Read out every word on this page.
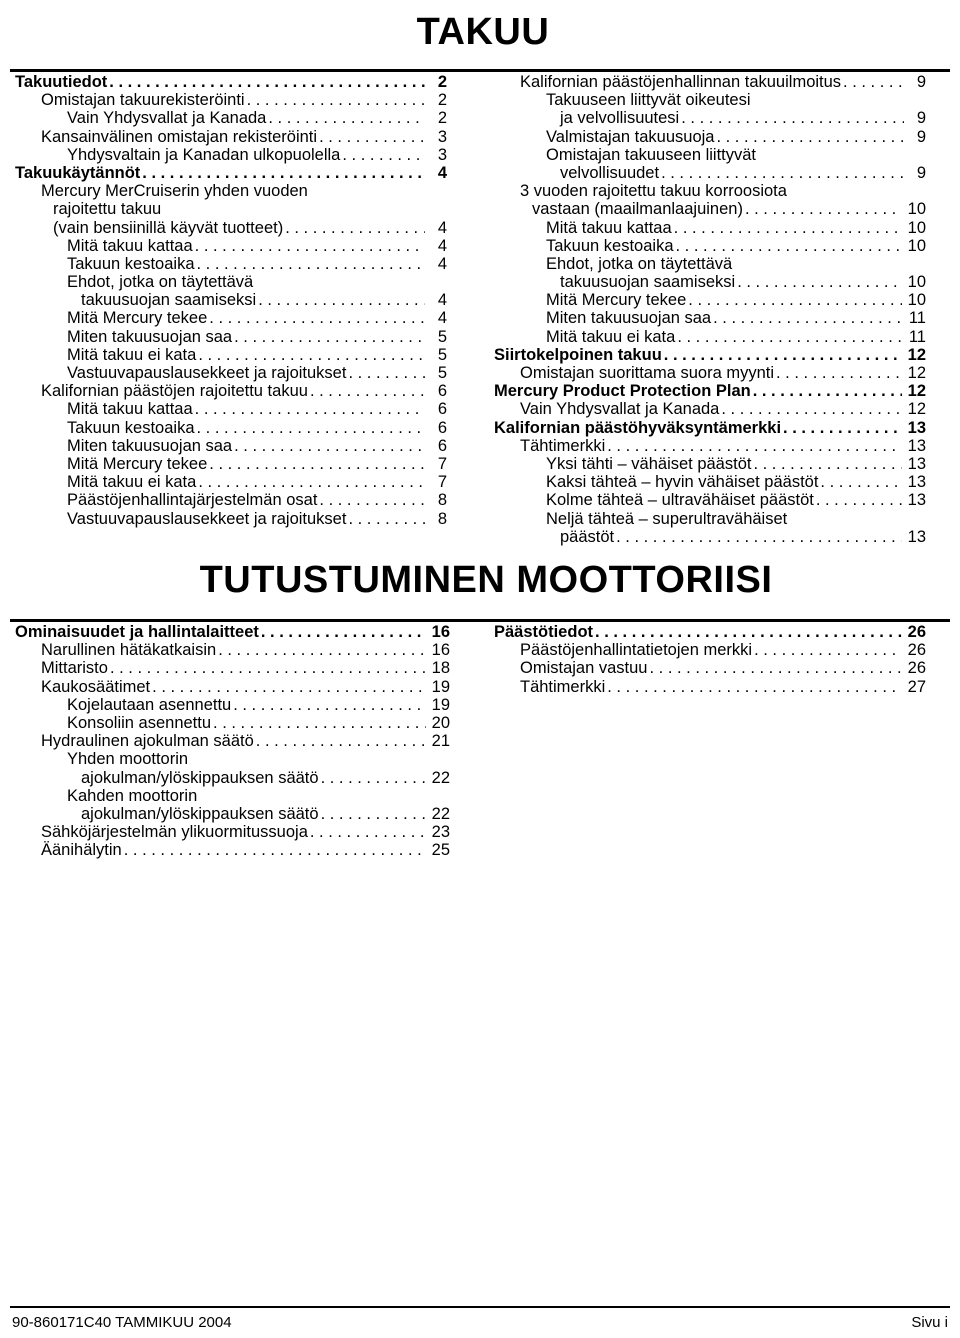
TAKUU
Takuutiedot . . .	2
Omistajan takuurekisteröinti . . .	2
Vain Yhdysvallat ja Kanada . . .	2
Kansainvälinen omistajan rekisteröinti . . .	3
Yhdysvaltain ja Kanadan ulkopuolella . . .	3
Takuukäytännöt . . .	4
Mercury MerCruiserin yhden vuoden
rajoitettu takuu
(vain bensiinillä käyvät tuotteet) . . .	4
Mitä takuu kattaa . . .	4
Takuun kestoaika . . .	4
Ehdot, jotka on täytettävä
takuusuojan saamiseksi . . .	4
Mitä Mercury tekee . . .	4
Miten takuusuojan saa . . .	5
Mitä takuu ei kata . . .	5
Vastuuvapauslausekkeet ja rajoitukset . . .	5
Kalifornian päästöjen rajoitettu takuu . . .	6
Mitä takuu kattaa . . .	6
Takuun kestoaika . . .	6
Miten takuusuojan saa . . .	6
Mitä Mercury tekee . . .	7
Mitä takuu ei kata . . .	7
Päästöjenhallintajärjestelmän osat . . .	8
Vastuuvapauslausekkeet ja rajoitukset . . .	8
Kalifornian päästöjenhallinnan takuuilmoitus . . .	9
Takuuseen liittyvät oikeutesi
ja velvollisuutesi . . .	9
Valmistajan takuusuoja . . .	9
Omistajan takuuseen liittyvät
velvollisuudet . . .	9
3 vuoden rajoitettu takuu korroosiota
vastaan (maailmanlaajuinen) . . .	10
Mitä takuu kattaa . . .	10
Takuun kestoaika . . .	10
Ehdot, jotka on täytettävä
takuusuojan saamiseksi . . .	10
Mitä Mercury tekee . . .	10
Miten takuusuojan saa . . .	11
Mitä takuu ei kata . . .	11
Siirtokelpoinen takuu . . .	12
Omistajan suorittama suora myynti . . .	12
Mercury Product Protection Plan . . .	12
Vain Yhdysvallat ja Kanada . . .	12
Kalifornian päästöhyväksyntämerkki . . .	13
Tähtimerkki . . .	13
Yksi tähti – vähäiset päästöt . . .	13
Kaksi tähteä – hyvin vähäiset päästöt . . .	13
Kolme tähteä – ultravähäiset päästöt . . .	13
Neljä tähteä – superultravähäiset
päästöt . . .	13
TUTUSTUMINEN MOOTTORIISI
Ominaisuudet ja hallintalaitteet . . .	16
Narullinen hätäkatkaisin . . .	16
Mittaristo . . .	18
Kaukosäätimet . . .	19
Kojelautaan asennettu . . .	19
Konsoliin asennettu . . .	20
Hydraulinen ajokulman säätö . . .	21
Yhden moottorin
ajokulman/ylöskippauksen säätö . . .	22
Kahden moottorin
ajokulman/ylöskippauksen säätö . . .	22
Sähköjärjestelmän ylikuormitussuoja . . .	23
Äänihälytin . . .	25
Päästötiedot . . .	26
Päästöjenhallintatietojen merkki . . .	26
Omistajan vastuu . . .	26
Tähtimerkki . . .	27
90-860171C40 TAMMIKUU 2004	Sivu i
